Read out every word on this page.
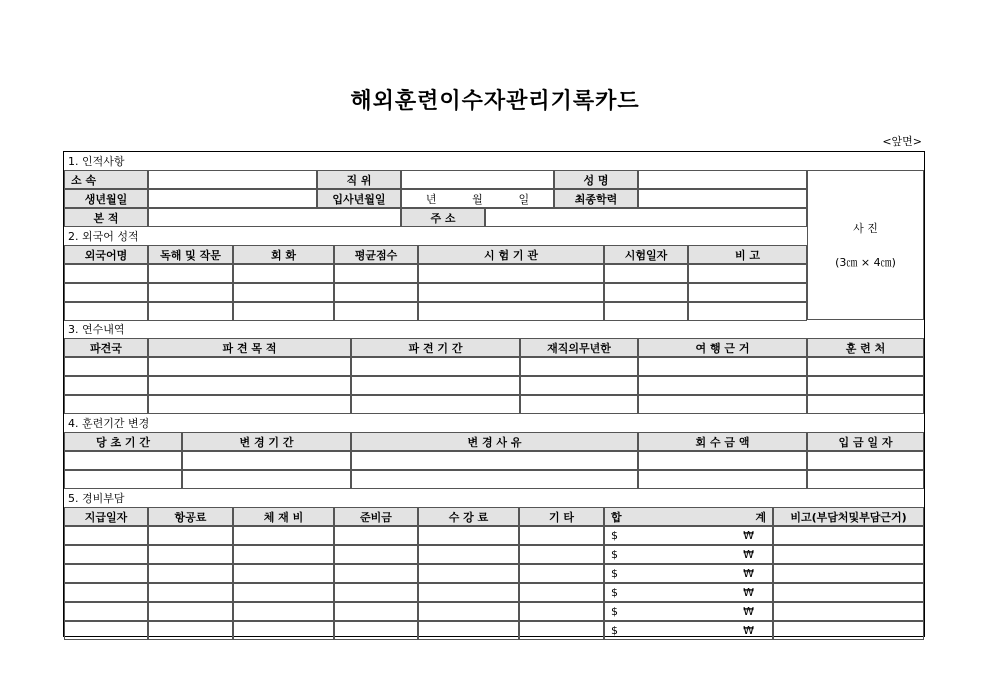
해외훈련이수자관리기록카드
<앞면>
1. 인적사항
소 속	직 위	성 명
생년월일	입사년월일	년	월	일	최종학력
본 적	주 소
사 진
(3㎝ × 4㎝)
2. 외국어 성적
외국어명	독해 및 작문	회 화	평균점수	시 험 기 관	시험일자	비 고
3. 연수내역
파견국	파 견 목 적	파 견 기 간	재직의무년한	여 행 근 거	훈 련 처
4. 훈련기간 변경
당 초 기 간	변 경 기 간	변 경 사 유	회 수 금 액	입 금 일 자
5. 경비부담
지급일자	항공료	체 재 비	준비금	수 강 료	기 타	합	계	비고(부담처및부담근거)
$	₩
$	₩
$	₩
$	₩
$	₩
$	₩
